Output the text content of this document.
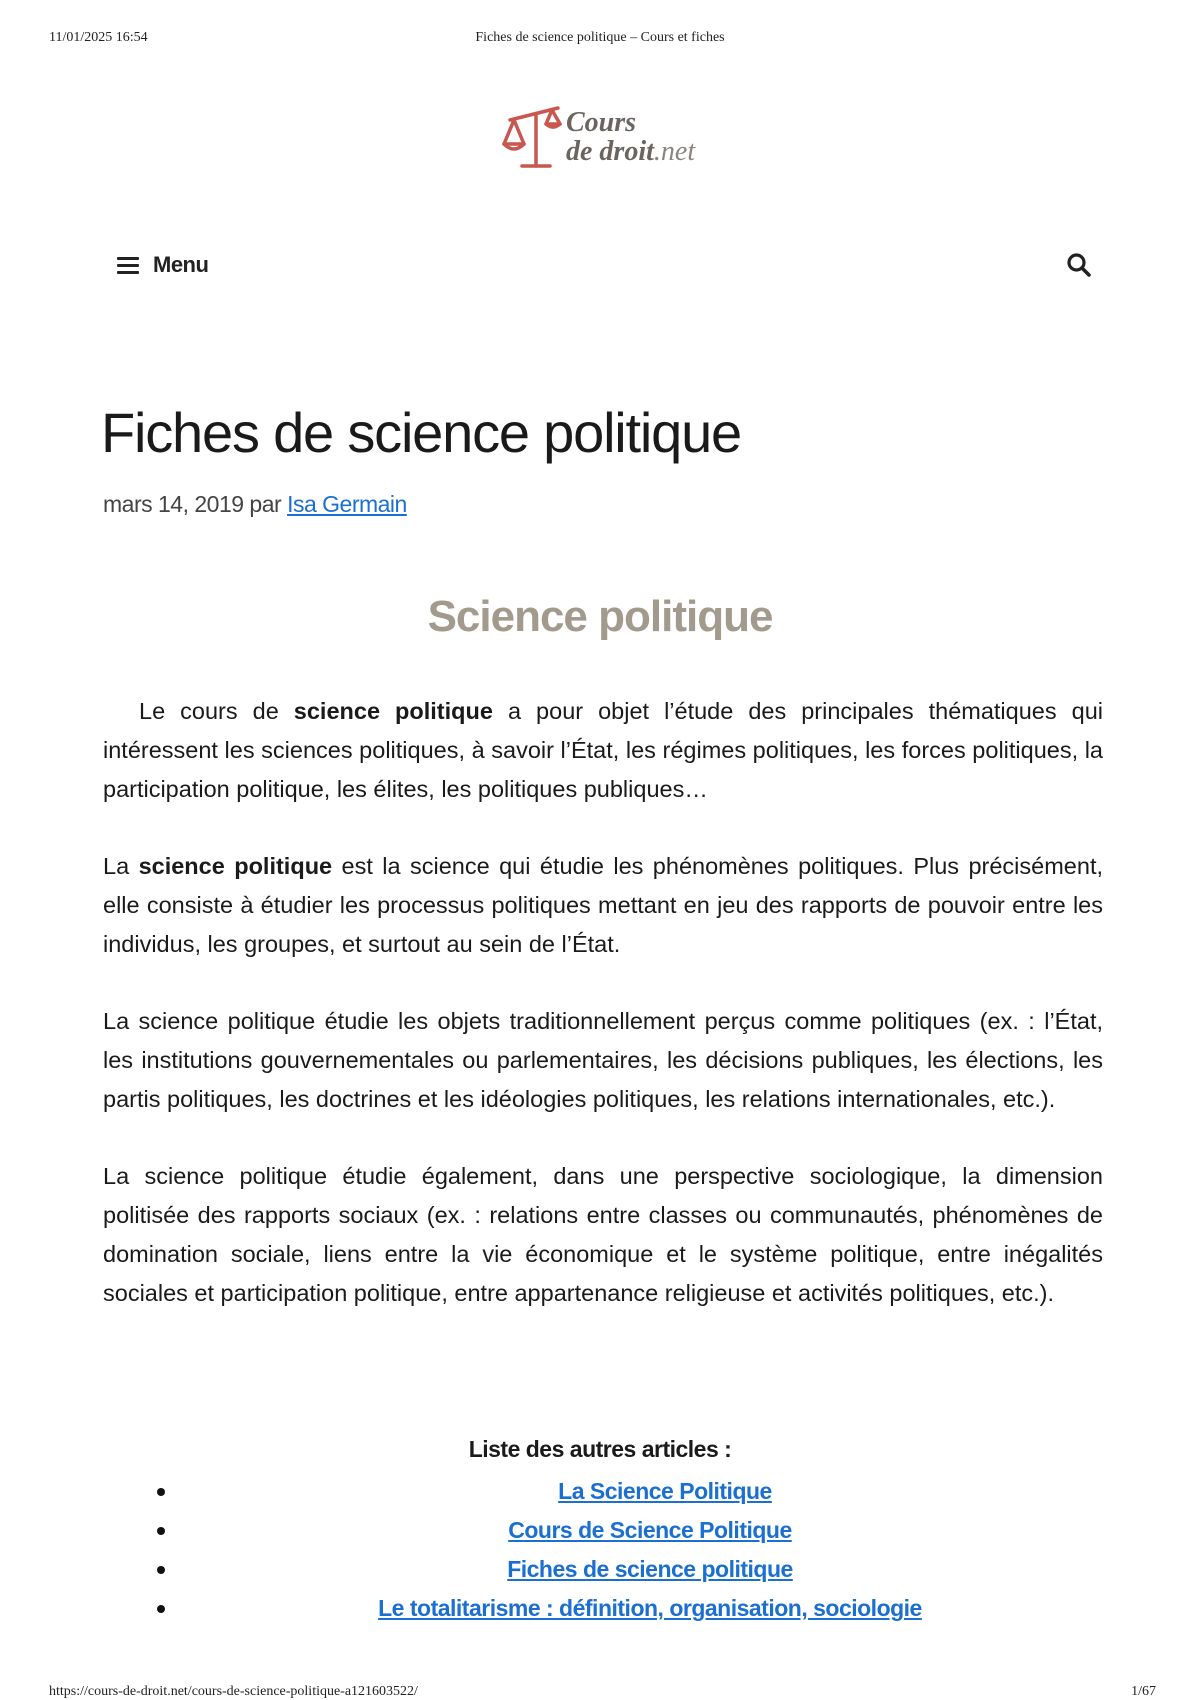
11/01/2025 16:54	Fiches de science politique – Cours et fiches
Cours
de droit.net
Menu
Fiches de science politique
mars 14, 2019 par Isa Germain
Science politique

Le cours de science politique a pour objet l’étude des principales thématiques qui intéressent les sciences politiques, à savoir l’État, les régimes politiques, les forces politiques, la participation politique, les élites, les politiques publiques…

La science politique est la science qui étudie les phénomènes politiques. Plus précisément, elle consiste à étudier les processus politiques mettant en jeu des rapports de pouvoir entre les individus, les groupes, et surtout au sein de l’État.

La science politique étudie les objets traditionnellement perçus comme politiques (ex. : l’État, les institutions gouvernementales ou parlementaires, les décisions publiques, les élections, les partis politiques, les doctrines et les idéologies politiques, les relations internationales, etc.).

La science politique étudie également, dans une perspective sociologique, la dimension politisée des rapports sociaux (ex. : relations entre classes ou communautés, phénomènes de domination sociale, liens entre la vie économique et le système politique, entre inégalités sociales et participation politique, entre appartenance religieuse et activités politiques, etc.).

Liste des autres articles :
La Science Politique
Cours de Science Politique
Fiches de science politique
Le totalitarisme : définition, organisation, sociologie
https://cours-de-droit.net/cours-de-science-politique-a121603522/	1/67
